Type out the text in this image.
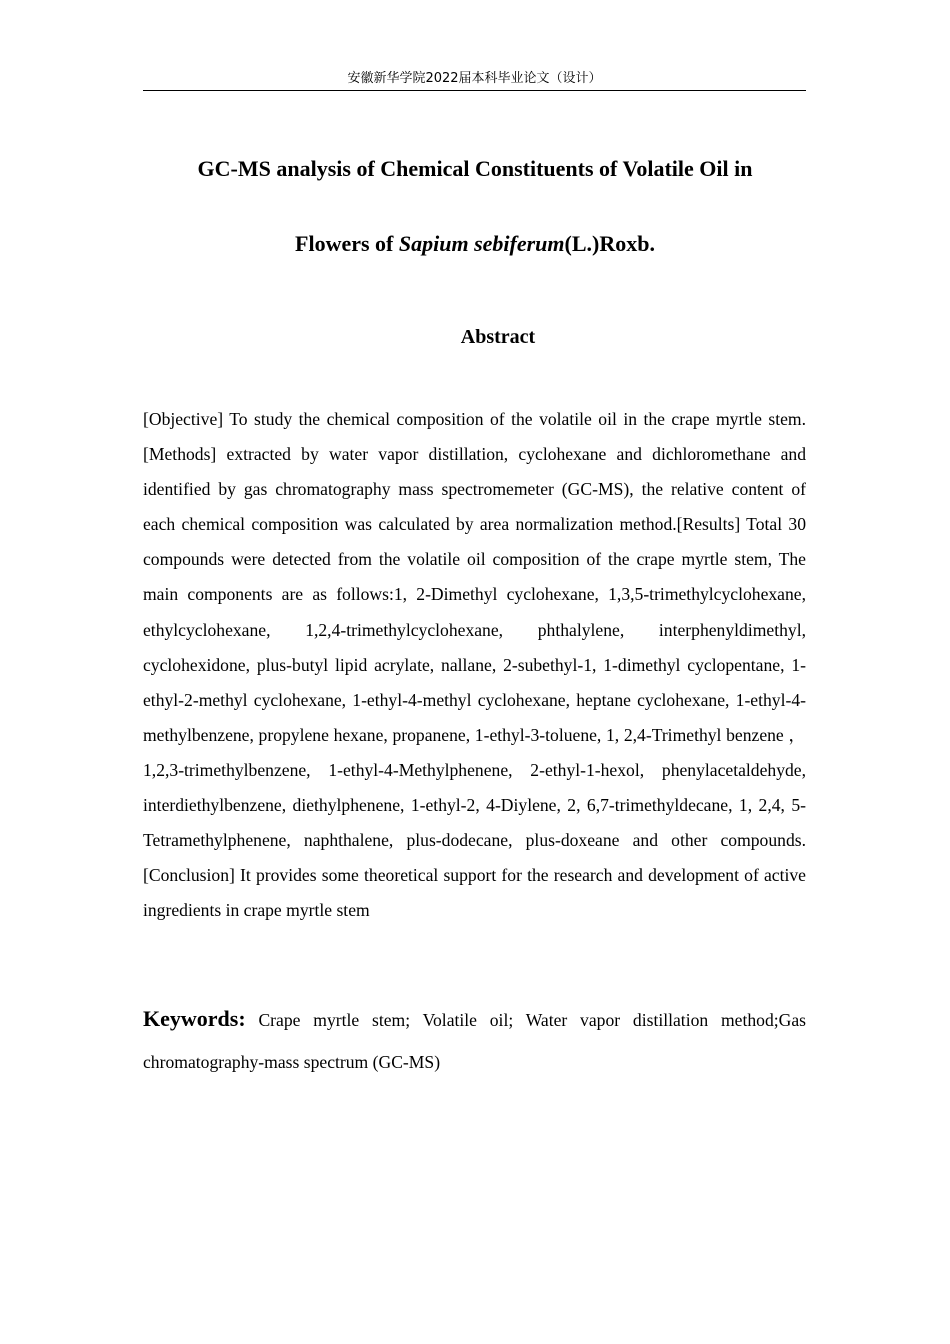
安徽新华学院2022届本科毕业论文（设计）
GC-MS analysis of Chemical Constituents of Volatile Oil in
Flowers of Sapium sebiferum(L.)Roxb.
Abstract
[Objective] To study the chemical composition of the volatile oil in the crape myrtle stem.[Methods] extracted by water vapor distillation, cyclohexane and dichloromethane and identified by gas chromatography mass spectromemeter (GC-MS), the relative content of each chemical composition was calculated by area normalization method.[Results] Total 30 compounds were detected from the volatile oil composition of the crape myrtle stem, The main components are as follows:1, 2-Dimethyl cyclohexane, 1,3,5-trimethylcyclohexane, ethylcyclohexane, 1,2,4-trimethylcyclohexane, phthalylene, interphenyldimethyl, cyclohexidone, plus-butyl lipid acrylate, nallane, 2-subethyl-1, 1-dimethyl cyclopentane, 1-ethyl-2-methyl cyclohexane, 1-ethyl-4-methyl cyclohexane, heptane cyclohexane, 1-ethyl-4-methylbenzene, propylene hexane, propanene, 1-ethyl-3-toluene, 1, 2,4-Trimethyl benzene ， 1,2,3-trimethylbenzene, 1-ethyl-4-Methylphenene, 2-ethyl-1-hexol, phenylacetaldehyde, interdiethylbenzene, diethylphenene, 1-ethyl-2, 4-Diylene, 2, 6,7-trimethyldecane, 1, 2,4, 5-Tetramethylphenene, naphthalene, plus-dodecane, plus-doxeane and other compounds.[Conclusion] It provides some theoretical support for the research and development of active ingredients in crape myrtle stem
Keywords: Crape myrtle stem; Volatile oil; Water vapor distillation method;Gas chromatography-mass spectrum (GC-MS)
